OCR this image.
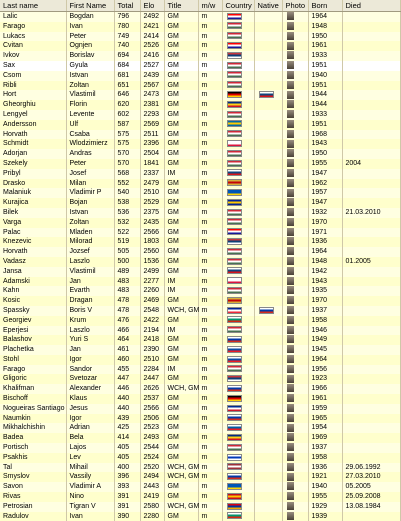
Last name	First Name	Total	Elo	Title	m/w	Country	Native	Photo	Born	Died
Lalic	Bogdan	796	2492	GM	m				1964	
Farago	Ivan	780	2421	GM	m				1948	
Lukacs	Peter	749	2414	GM	m				1950	
Cvitan	Ognjen	740	2526	GM	m				1961	
Ivkov	Borislav	694	2416	GM	m				1933	
Sax	Gyula	684	2527	GM	m				1951	
Csom	Istvan	681	2439	GM	m				1940	
Ribli	Zoltan	651	2567	GM	m				1951	
Hort	Vlastimil	646	2473	GM	m				1944	
Gheorghiu	Florin	620	2381	GM	m				1944	
Lengyel	Levente	602	2293	GM	m				1933	
Andersson	Ulf	587	2569	GM	m				1951	
Horvath	Csaba	575	2511	GM	m				1968	
Schmidt	Wlodzimierz	575	2396	GM	m				1943	
Adorjan	Andras	570	2504	GM	m				1950	
Szekely	Peter	570	1841	GM	m				1955	2004
Pribyl	Josef	568	2337	IM	m				1947	
Drasko	Milan	552	2479	GM	m				1962	
Malaniuk	Vladimir P	540	2510	GM	m				1957	
Kurajica	Bojan	538	2529	GM	m				1947	
Bilek	Istvan	536	2375	GM	m				1932	21.03.2010
Varga	Zoltan	532	2435	GM	m				1970	
Palac	Mladen	522	2566	GM	m				1971	
Knezevic	Milorad	519	1803	GM	m				1936	
Horvath	Jozsef	505	2560	GM	m				1964	
Vadasz	Laszlo	500	1536	GM	m				1948	01.2005
Jansa	Vlastimil	489	2499	GM	m				1942	
Adamski	Jan	483	2277	IM	m				1943	
Kahn	Evarth	483	2260	IM	m				1935	
Kosic	Dragan	478	2469	GM	m				1970	
Spassky	Boris V	478	2548	WCH, GM	m				1937	
Georgiev	Krum	476	2422	GM	m				1958	
Eperjesi	Laszlo	466	2194	IM	m				1946	
Balashov	Yuri S	464	2418	GM	m				1949	
Plachetka	Jan	461	2390	GM	m				1945	
Stohl	Igor	460	2510	GM	m				1964	
Farago	Sandor	455	2284	IM	m				1956	
Gligoric	Svetozar	447	2447	GM	m				1923	
Khalifman	Alexander	446	2626	WCH, GM	m				1966	
Bischoff	Klaus	440	2537	GM	m				1961	
Nogueiras Santiago	Jesus	440	2566	GM	m				1959	
Naumkin	Igor	439	2506	GM	m				1965	
Mikhalchishin	Adrian	425	2523	GM	m				1954	
Badea	Bela	414	2493	GM	m				1969	
Portisch	Lajos	405	2544	GM	m				1937	
Psakhis	Lev	405	2524	GM	m				1958	
Tal	Mihail	400	2520	WCH, GM	m				1936	29.06.1992
Smyslov	Vassily	396	2494	WCH, GM	m				1921	27.03.2010
Savon	Vladimir A	393	2443	GM	m				1940	05.2005
Rivas	Nino	391	2419	GM	m				1955	25.09.2008
Petrosian	Tigran V	391	2580	WCH, GM	m				1929	13.08.1984
Radulov	Ivan	390	2280	GM	m				1939	
